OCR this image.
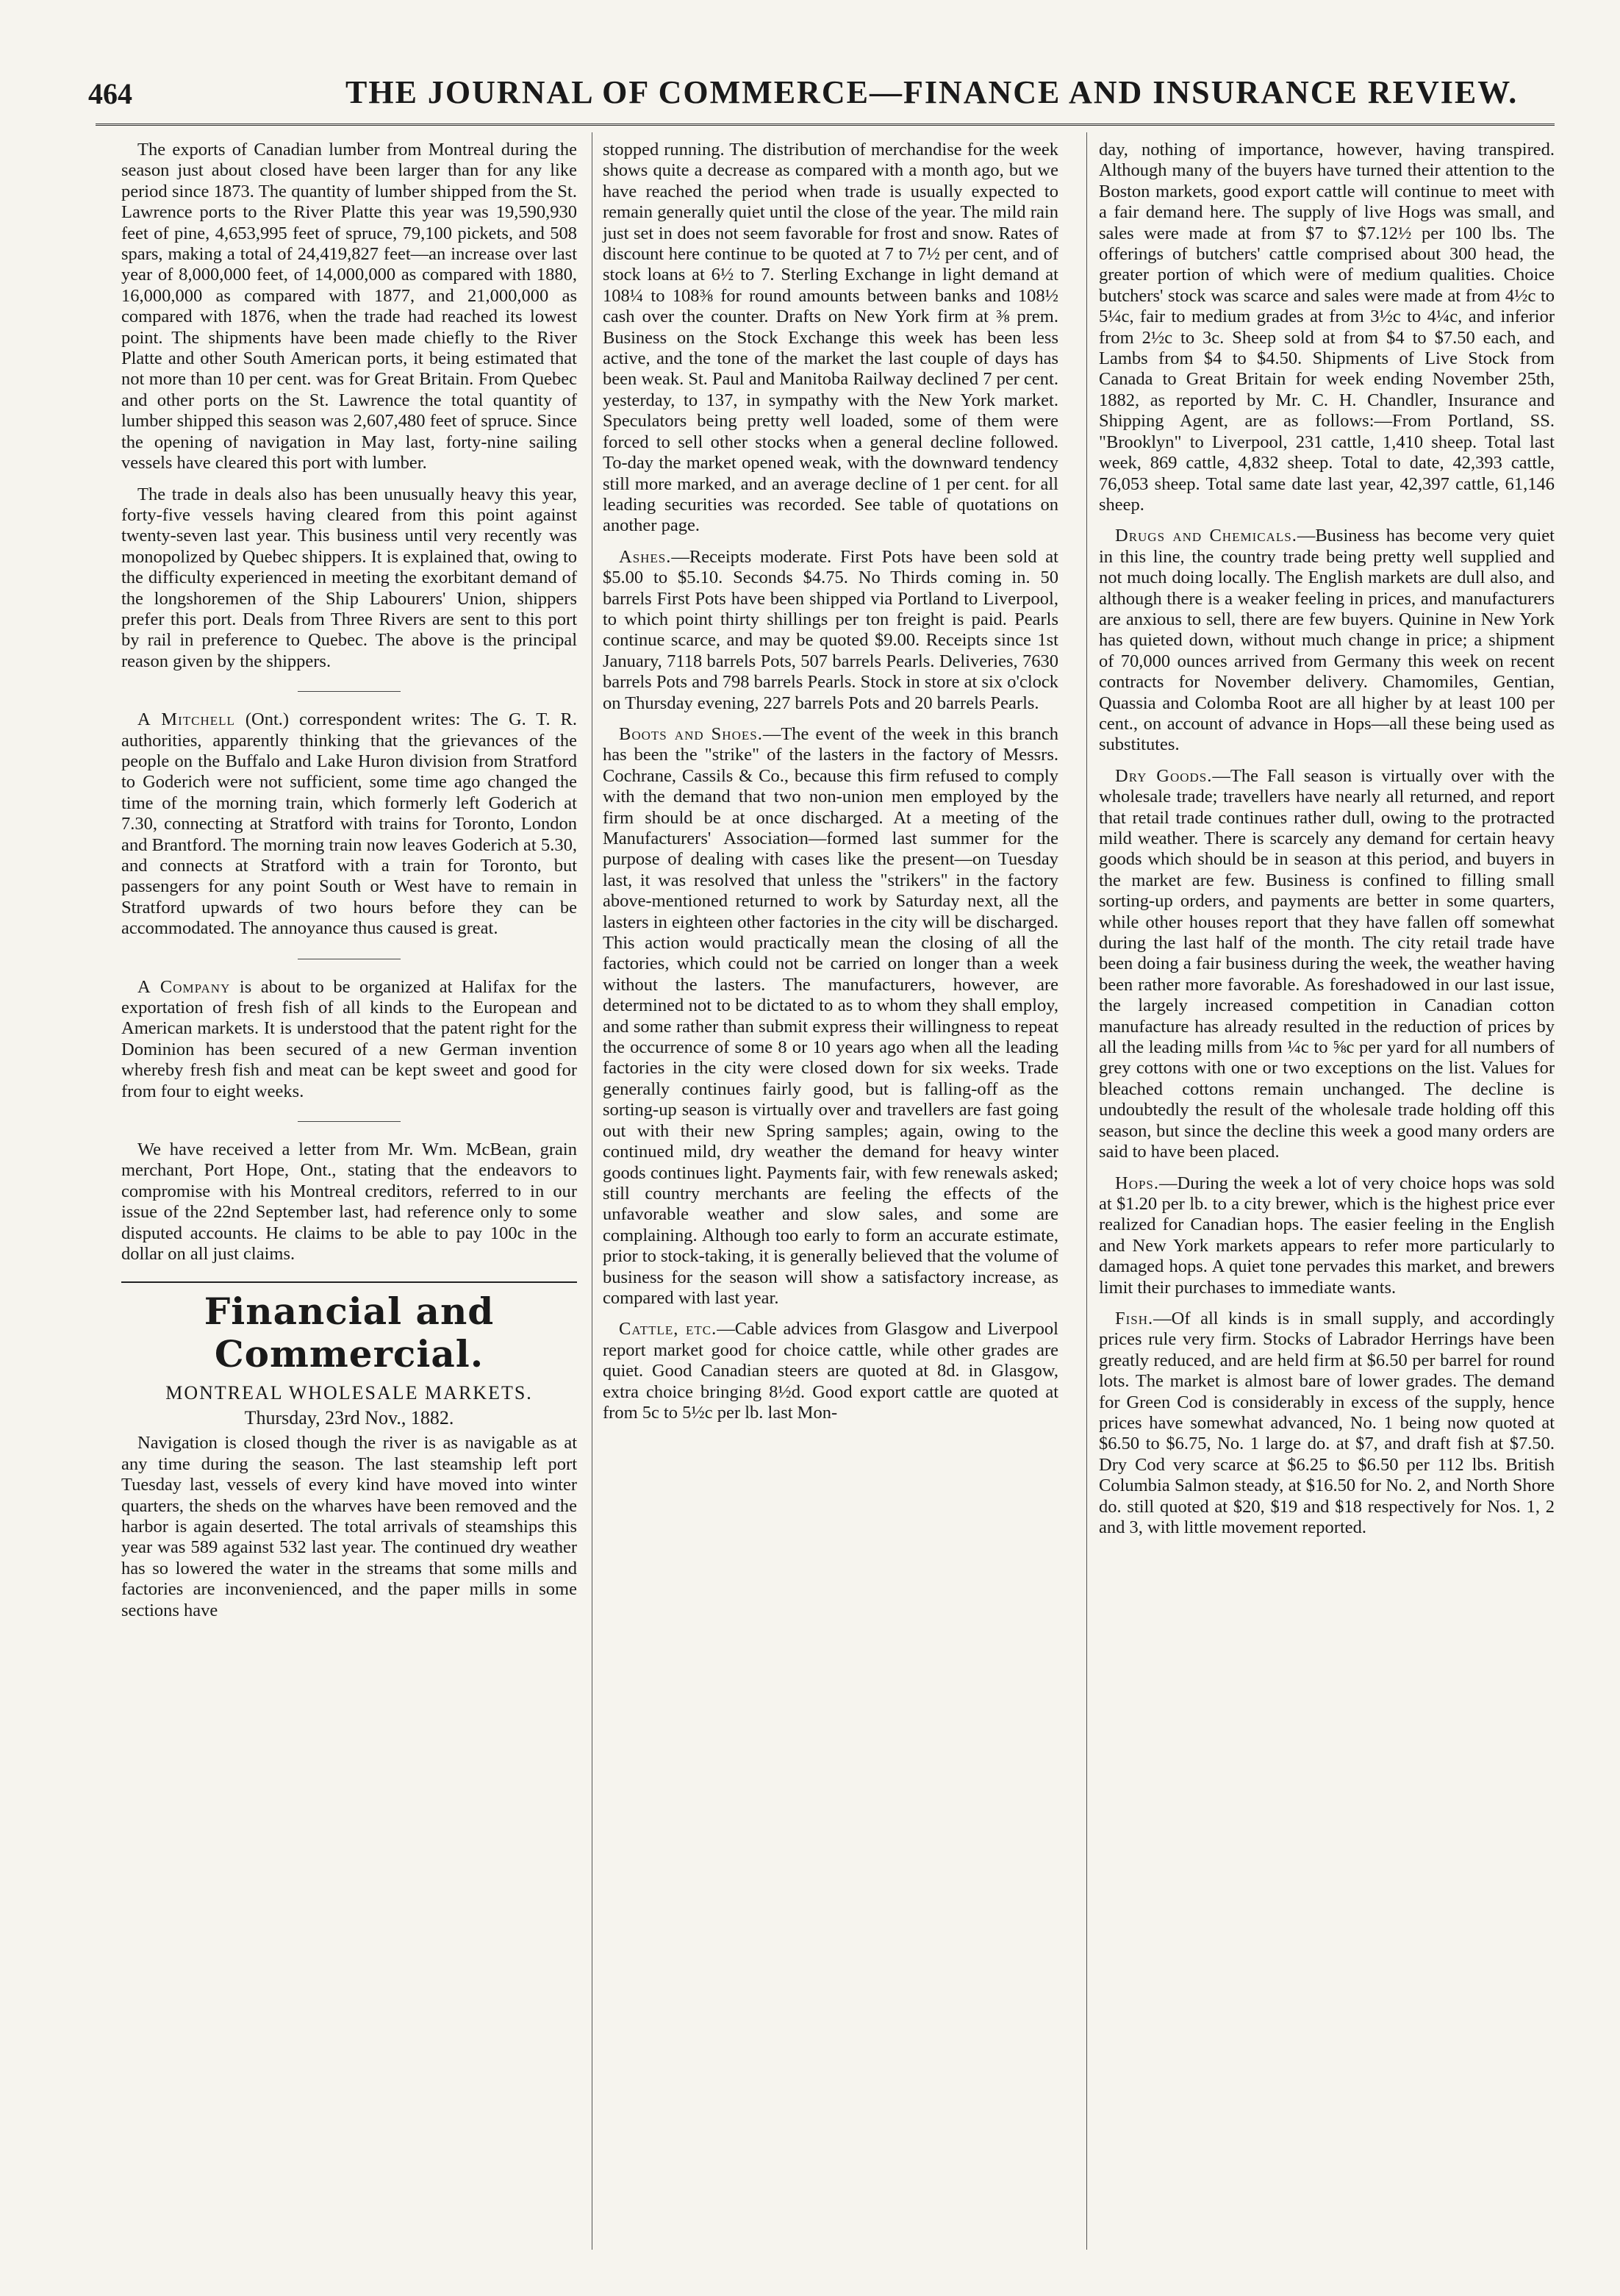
464	THE JOURNAL OF COMMERCE—FINANCE AND INSURANCE REVIEW.

The exports of Canadian lumber from Montreal during the season just about closed have been larger than for any like period since 1873. The quantity of lumber shipped from the St. Lawrence ports to the River Platte this year was 19,590,930 feet of pine, 4,653,995 feet of spruce, 79,100 pickets, and 508 spars, making a total of 24,419,827 feet—an increase over last year of 8,000,000 feet, of 14,000,000 as compared with 1880, 16,000,000 as compared with 1877, and 21,000,000 as compared with 1876, when the trade had reached its lowest point. The shipments have been made chiefly to the River Platte and other South American ports, it being estimated that not more than 10 per cent. was for Great Britain. From Quebec and other ports on the St. Lawrence the total quantity of lumber shipped this season was 2,607,480 feet of spruce. Since the opening of navigation in May last, forty-nine sailing vessels have cleared this port with lumber.

The trade in deals also has been unusually heavy this year, forty-five vessels having cleared from this point against twenty-seven last year. This business until very recently was monopolized by Quebec shippers. It is explained that, owing to the difficulty experienced in meeting the exorbitant demand of the longshoremen of the Ship Labourers' Union, shippers prefer this port. Deals from Three Rivers are sent to this port by rail in preference to Quebec. The above is the principal reason given by the shippers.

A Mitchell (Ont.) correspondent writes: The G. T. R. authorities, apparently thinking that the grievances of the people on the Buffalo and Lake Huron division from Stratford to Goderich were not sufficient, some time ago changed the time of the morning train, which formerly left Goderich at 7.30, connecting at Stratford with trains for Toronto, London and Brantford. The morning train now leaves Goderich at 5.30, and connects at Stratford with a train for Toronto, but passengers for any point South or West have to remain in Stratford upwards of two hours before they can be accommodated. The annoyance thus caused is great.

A Company is about to be organized at Halifax for the exportation of fresh fish of all kinds to the European and American markets. It is understood that the patent right for the Dominion has been secured of a new German invention whereby fresh fish and meat can be kept sweet and good for from four to eight weeks.

We have received a letter from Mr. Wm. McBean, grain merchant, Port Hope, Ont., stating that the endeavors to compromise with his Montreal creditors, referred to in our issue of the 22nd September last, had reference only to some disputed accounts. He claims to be able to pay 100c in the dollar on all just claims.

Financial and Commercial.
MONTREAL WHOLESALE MARKETS.
Thursday, 23rd Nov., 1882.

Navigation is closed though the river is as navigable as at any time during the season. The last steamship left port Tuesday last, vessels of every kind have moved into winter quarters, the sheds on the wharves have been removed and the harbor is again deserted. The total arrivals of steamships this year was 589 against 532 last year. The continued dry weather has so lowered the water in the streams that some mills and factories are inconvenienced, and the paper mills in some sections have

stopped running. The distribution of merchandise for the week shows quite a decrease as compared with a month ago, but we have reached the period when trade is usually expected to remain generally quiet until the close of the year. The mild rain just set in does not seem favorable for frost and snow. Rates of discount here continue to be quoted at 7 to 7½ per cent, and of stock loans at 6½ to 7. Sterling Exchange in light demand at 108¼ to 108⅜ for round amounts between banks and 108½ cash over the counter. Drafts on New York firm at ⅜ prem. Business on the Stock Exchange this week has been less active, and the tone of the market the last couple of days has been weak. St. Paul and Manitoba Railway declined 7 per cent. yesterday, to 137, in sympathy with the New York market. Speculators being pretty well loaded, some of them were forced to sell other stocks when a general decline followed. To-day the market opened weak, with the downward tendency still more marked, and an average decline of 1 per cent. for all leading securities was recorded. See table of quotations on another page.

Ashes.—Receipts moderate. First Pots have been sold at $5.00 to $5.10. Seconds $4.75. No Thirds coming in. 50 barrels First Pots have been shipped via Portland to Liverpool, to which point thirty shillings per ton freight is paid. Pearls continue scarce, and may be quoted $9.00. Receipts since 1st January, 7118 barrels Pots, 507 barrels Pearls. Deliveries, 7630 barrels Pots and 798 barrels Pearls. Stock in store at six o'clock on Thursday evening, 227 barrels Pots and 20 barrels Pearls.

Boots and Shoes.—The event of the week in this branch has been the "strike" of the lasters in the factory of Messrs. Cochrane, Cassils & Co., because this firm refused to comply with the demand that two non-union men employed by the firm should be at once discharged. At a meeting of the Manufacturers' Association—formed last summer for the purpose of dealing with cases like the present—on Tuesday last, it was resolved that unless the "strikers" in the factory above-mentioned returned to work by Saturday next, all the lasters in eighteen other factories in the city will be discharged. This action would practically mean the closing of all the factories, which could not be carried on longer than a week without the lasters. The manufacturers, however, are determined not to be dictated to as to whom they shall employ, and some rather than submit express their willingness to repeat the occurrence of some 8 or 10 years ago when all the leading factories in the city were closed down for six weeks. Trade generally continues fairly good, but is falling-off as the sorting-up season is virtually over and travellers are fast going out with their new Spring samples; again, owing to the continued mild, dry weather the demand for heavy winter goods continues light. Payments fair, with few renewals asked; still country merchants are feeling the effects of the unfavorable weather and slow sales, and some are complaining. Although too early to form an accurate estimate, prior to stock-taking, it is generally believed that the volume of business for the season will show a satisfactory increase, as compared with last year.

Cattle, etc.—Cable advices from Glasgow and Liverpool report market good for choice cattle, while other grades are quiet. Good Canadian steers are quoted at 8d. in Glasgow, extra choice bringing 8½d. Good export cattle are quoted at from 5c to 5½c per lb. last Mon-

day, nothing of importance, however, having transpired. Although many of the buyers have turned their attention to the Boston markets, good export cattle will continue to meet with a fair demand here. The supply of live Hogs was small, and sales were made at from $7 to $7.12½ per 100 lbs. The offerings of butchers' cattle comprised about 300 head, the greater portion of which were of medium qualities. Choice butchers' stock was scarce and sales were made at from 4½c to 5¼c, fair to medium grades at from 3½c to 4¼c, and inferior from 2½c to 3c. Sheep sold at from $4 to $7.50 each, and Lambs from $4 to $4.50. Shipments of Live Stock from Canada to Great Britain for week ending November 25th, 1882, as reported by Mr. C. H. Chandler, Insurance and Shipping Agent, are as follows:—From Portland, SS. "Brooklyn" to Liverpool, 231 cattle, 1,410 sheep. Total last week, 869 cattle, 4,832 sheep. Total to date, 42,393 cattle, 76,053 sheep. Total same date last year, 42,397 cattle, 61,146 sheep.

Drugs and Chemicals.—Business has become very quiet in this line, the country trade being pretty well supplied and not much doing locally. The English markets are dull also, and although there is a weaker feeling in prices, and manufacturers are anxious to sell, there are few buyers. Quinine in New York has quieted down, without much change in price; a shipment of 70,000 ounces arrived from Germany this week on recent contracts for November delivery. Chamomiles, Gentian, Quassia and Colomba Root are all higher by at least 100 per cent., on account of advance in Hops—all these being used as substitutes.

Dry Goods.—The Fall season is virtually over with the wholesale trade; travellers have nearly all returned, and report that retail trade continues rather dull, owing to the protracted mild weather. There is scarcely any demand for certain heavy goods which should be in season at this period, and buyers in the market are few. Business is confined to filling small sorting-up orders, and payments are better in some quarters, while other houses report that they have fallen off somewhat during the last half of the month. The city retail trade have been doing a fair business during the week, the weather having been rather more favorable. As foreshadowed in our last issue, the largely increased competition in Canadian cotton manufacture has already resulted in the reduction of prices by all the leading mills from ¼c to ⅝c per yard for all numbers of grey cottons with one or two exceptions on the list. Values for bleached cottons remain unchanged. The decline is undoubtedly the result of the wholesale trade holding off this season, but since the decline this week a good many orders are said to have been placed.

Hops.—During the week a lot of very choice hops was sold at $1.20 per lb. to a city brewer, which is the highest price ever realized for Canadian hops. The easier feeling in the English and New York markets appears to refer more particularly to damaged hops. A quiet tone pervades this market, and brewers limit their purchases to immediate wants.

Fish.—Of all kinds is in small supply, and accordingly prices rule very firm. Stocks of Labrador Herrings have been greatly reduced, and are held firm at $6.50 per barrel for round lots. The market is almost bare of lower grades. The demand for Green Cod is considerably in excess of the supply, hence prices have somewhat advanced, No. 1 being now quoted at $6.50 to $6.75, No. 1 large do. at $7, and draft fish at $7.50. Dry Cod very scarce at $6.25 to $6.50 per 112 lbs. British Columbia Salmon steady, at $16.50 for No. 2, and North Shore do. still quoted at $20, $19 and $18 respectively for Nos. 1, 2 and 3, with little movement reported.
